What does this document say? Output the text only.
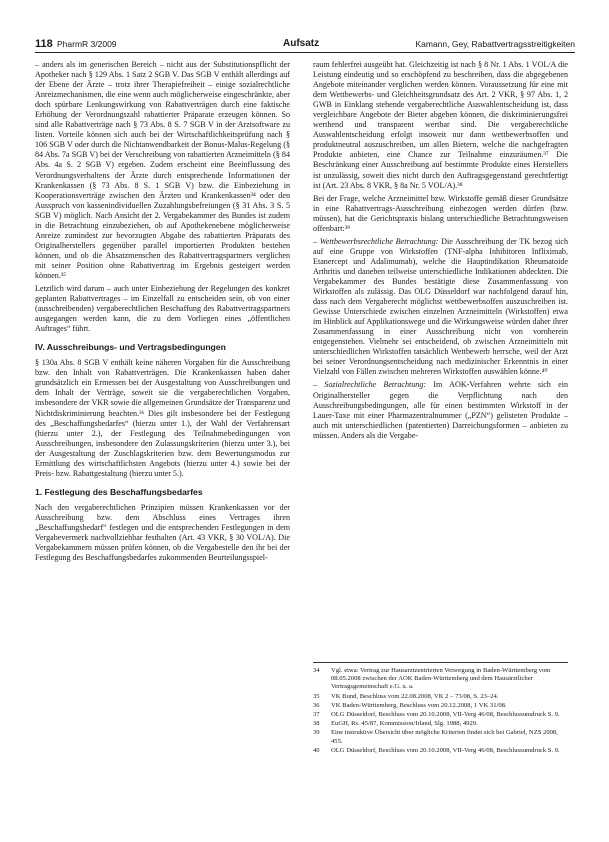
118 PharmR 3/2009	Aufsatz	Kamann, Gey, Rabattvertragsstreitigkeiten

– anders als im generischen Bereich – nicht aus der Substitutionspflicht der Apotheker nach § 129 Abs. 1 Satz 2 SGB V. Das SGB V enthält allerdings auf der Ebene der Ärzte – trotz ihrer Therapiefreiheit – einige sozialrechtliche Anreizmechanismen, die eine wenn auch möglicherweise eingeschränkte, aber doch spürbare Lenkungswirkung von Rabattverträgen durch eine faktische Erhöhung der Verordnungszahl rabattierter Präparate erzeugen können. So sind alle Rabattverträge nach § 73 Abs. 8 S. 7 SGB V in der Arztsoftware zu listen. Vorteile können sich auch bei der Wirtschaftlichkeitsprüfung nach § 106 SGB V oder durch die Nichtanwendbarkeit der Bonus-Malus-Regelung (§ 84 Abs. 7a SGB V) bei der Verschreibung von rabattierten Arzneimitteln (§ 84 Abs. 4a S. 2 SGB V) ergeben. Zudem erscheint eine Beeinflussung des Verordnungsverhaltens der Ärzte durch entsprechende Informationen der Krankenkassen (§ 73 Abs. 8 S. 1 SGB V) bzw. die Einbeziehung in Kooperationsverträge zwischen den Ärzten und Krankenkassen³⁴ oder den Ausspruch von kassenindividuellen Zuzahlungsbefreiungen (§ 31 Abs. 3 S. 5 SGB V) möglich. Nach Ansicht der 2. Vergabekammer des Bundes ist zudem in die Betrachtung einzubeziehen, ob auf Apothekenebene möglicherweise Anreize zumindest zur bevorzugten Abgabe des rabattierten Präparats des Originalherstellers gegenüber parallel importierten Produkten bestehen können, und ob die Absatzmenschen des Rabattvertragspartners verglichen mit seiner Position ohne Rabattvertrag im Ergebnis gesteigert werden können.³⁵

Letztlich wird darum – auch unter Einbeziehung der Regelungen des konkret geplanten Rabattvertrages – im Einzelfall zu entscheiden sein, ob von einer (ausschreibenden) vergaberechtlichen Beschaffung des Rabattvertragspartners ausgegangen werden kann, die zu dem Vorliegen eines „öffentlichen Auftrages“ führt.

IV. Ausschreibungs- und Vertragsbedingungen

§ 130a Abs. 8 SGB V enthält keine näheren Vorgaben für die Ausschreibung bzw. den Inhalt von Rabattverträgen. Die Krankenkassen haben daher grundsätzlich ein Ermessen bei der Ausgestaltung von Ausschreibungen und dem Inhalt der Verträge, soweit sie die vergaberechtlichen Vorgaben, insbesondere der VKR sowie die allgemeinen Grundsätze der Transparenz und Nichtdiskriminierung beachten.³⁶ Dies gilt insbesondere bei der Festlegung des „Beschaffungsbedarfes“ (hierzu unter 1.), der Wahl der Verfahrensart (hierzu unter 2.), der Festlegung des Teilnahmebedingungen von Ausschreibungen, insbesondere den Zulassungskriterien (hierzu unter 3.), bei der Ausgestaltung der Zuschlagskriterien bzw. dem Bewertungsmodus zur Ermittlung des wirtschaftlichsten Angebots (hierzu unter 4.) sowie bei der Preis- bzw. Rabattgestaltung (hierzu unter 5.).

1. Festlegung des Beschaffungsbedarfes

Nach den vergaberechtlichen Prinzipien müssen Krankenkassen vor der Ausschreibung bzw. dem Abschluss eines Vertrages ihren „Beschaffungsbedarf“ festlegen und die entsprechenden Festlegungen in dem Vergabevermerk nachvollziehbar festhalten (Art. 43 VKR, § 30 VOL/A). Die Vergabekammern müssen prüfen können, ob die Vergabestelle den ihr bei der Festlegung des Beschaffungsbedarfes zukommenden Beurteilungsspiel-

raum fehlerfrei ausgeübt hat. Gleichzeitig ist nach § 8 Nr. 1 Abs. 1 VOL/A die Leistung eindeutig und so erschöpfend zu beschreiben, dass die abgegebenen Angebote miteinander verglichen werden können. Voraussetzung für eine mit dem Wettbewerbs- und Gleichheitsgrundsatz des Art. 2 VKR, § 97 Abs. 1, 2 GWB in Einklang stehende vergaberechtliche Auswahlentscheidung ist, dass vergleichbare Angebote der Bieter abgeben können, die diskriminierungsfrei werthend und transparent wertbar sind. Die vergaberechtliche Auswahlentscheidung erfolgt insoweit nur dann wettbewerbsoffen und produktneutral auszuschreiben, um allen Bietern, welche die nachgefragten Produkte anbieten, eine Chance zur Teilnahme einzuräumen.³⁷ Die Beschränkung einer Ausschreibung auf bestimmte Produkte eines Herstellers ist unzulässig, soweit dies nicht durch den Auftragsgegenstand gerechtfertigt ist (Art. 23 Abs. 8 VKR, § 8a Nr. 5 VOL/A).³⁸

Bei der Frage, welche Arzneimittel bzw. Wirkstoffe gemäß dieser Grundsätze in eine Rabattvertrags-Ausschreibung einbezogen werden dürfen (bzw. müssen), hat die Gerichtspraxis bislang unterschiedliche Betrachtungsweisen offenbart:³⁹

– Wettbewerbsrechtliche Betrachtung: Die Ausschreibung der TK bezog sich auf eine Gruppe von Wirkstoffen (TNF-alpha Inhibitoren Infliximab, Etanercept und Adalimumab), welche die Hauptindikation Rheumatoide Arthritis und daneben teilweise unterschiedliche Indikationen abdeckten. Die Vergabekammer des Bundes bestätigte diese Zusammenfassung von Wirkstoffen als zulässig. Das OLG Düsseldorf war nachfolgend darauf hin, dass nach dem Vergaberecht möglichst wettbewerbsoffen auszuschreiben ist. Gewisse Unterschiede zwischen einzelnen Arzneimitteln (Wirkstoffen) etwa im Hinblick auf Applikationswege und die Wirkungsweise würden daher ihrer Zusammenfassung in einer Ausschreibung nicht von vornherein entgegenstehen. Vielmehr sei entscheidend, ob zwischen Arzneimitteln mit unterschiedlichen Wirkstoffen tatsächlich Wettbewerb herrsche, weil der Arzt bei seiner Verordnungsentscheidung nach medizinischer Erkenntnis in einer Vielzahl von Fällen zwischen mehreren Wirkstoffen auswählen könne.⁴⁰

– Sozialrechtliche Betrachtung: Im AOK-Verfahren wehrte sich ein Originalhersteller gegen die Verpflichtung nach den Ausschreibungsbedingungen, alle für einen bestimmten Wirkstoff in der Lauer-Taxe mit einer Pharmazentralnummer („PZN“) gelisteten Produkte – auch mit unterschiedlichen (patentierten) Darreichungsformen – anbieten zu müssen. Anders als die Vergabe-

34	Vgl. etwa: Vertrag zur Hausarztzentrierten Versorgung in Baden-Württemberg vom 08.05.2008 zwischen der AOK Baden-Württemberg und dem Hausärztlicher Vertragsgemeinschaft e.G. u. a.
35	VK Bund, Beschluss vom 22.08.2008, VK 2 – 73/08, S. 23–24.
36	VK Baden-Württemberg, Beschluss vom 20.12.2008, 1 VK 31/08.
37	OLG Düsseldorf, Beschluss vom 20.10.2008, VII-Verg 46/08, Beschlussumdruck S. 9.
38	EuGH, Rs. 45/87, Kommission/Irland, Slg. 1988, 4929.
39	Eine instruktive Übersicht über mögliche Kriterien findet sich bei Gabriel, NZS 2008, 455.
40	OLG Düsseldorf, Beschluss vom 20.10.2008, VII-Verg 46/08, Beschlussumdruck S. 9.
